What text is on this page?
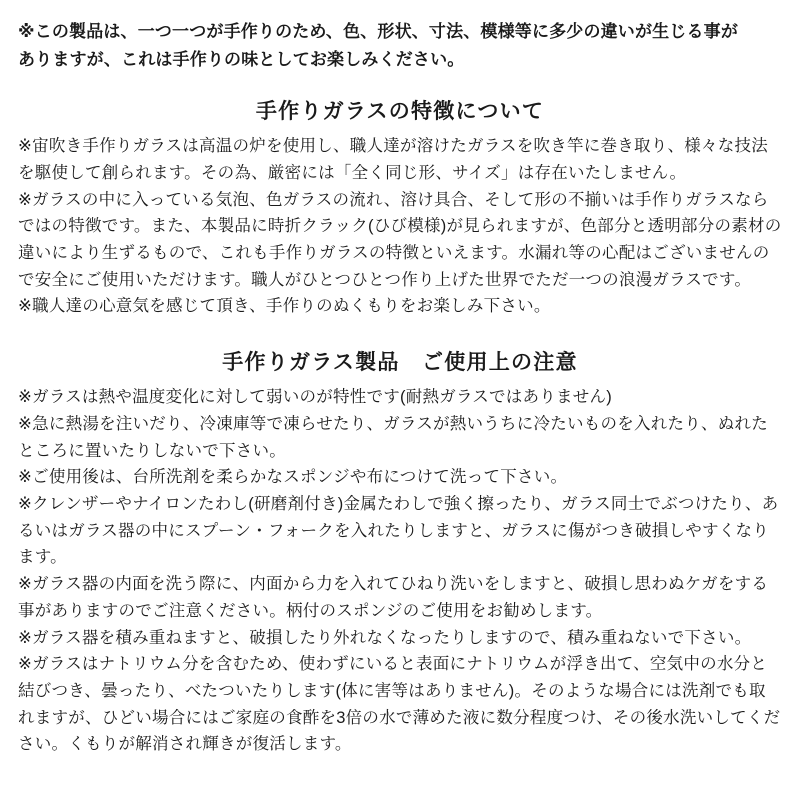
※この製品は、一つ一つが手作りのため、色、形状、寸法、模様等に多少の違いが生じる事が

ありますが、これは手作りの味としてお楽しみください。

手作りガラスの特徴について

※宙吹き手作りガラスは高温の炉を使用し、職人達が溶けたガラスを吹き竿に巻き取り、様々な技法を駆使して創られます。その為、厳密には「全く同じ形、サイズ」は存在いたしません。

※ガラスの中に入っている気泡、色ガラスの流れ、溶け具合、そして形の不揃いは手作りガラスならではの特徴です。また、本製品に時折クラック(ひび模様)が見られますが、色部分と透明部分の素材の違いにより生ずるもので、これも手作りガラスの特徴といえます。水漏れ等の心配はございませんので安全にご使用いただけます。職人がひとつひとつ作り上げた世界でただ一つの浪漫ガラスです。

※職人達の心意気を感じて頂き、手作りのぬくもりをお楽しみ下さい。

手作りガラス製品　ご使用上の注意

※ガラスは熱や温度変化に対して弱いのが特性です(耐熱ガラスではありません)

※急に熱湯を注いだり、冷凍庫等で凍らせたり、ガラスが熱いうちに冷たいものを入れたり、ぬれたところに置いたりしないで下さい。

※ご使用後は、台所洗剤を柔らかなスポンジや布につけて洗って下さい。

※クレンザーやナイロンたわし(研磨剤付き)金属たわしで強く擦ったり、ガラス同士でぶつけたり、あるいはガラス器の中にスプーン・フォークを入れたりしますと、ガラスに傷がつき破損しやすくなります。

※ガラス器の内面を洗う際に、内面から力を入れてひねり洗いをしますと、破損し思わぬケガをする事がありますのでご注意ください。柄付のスポンジのご使用をお勧めします。

※ガラス器を積み重ねますと、破損したり外れなくなったりしますので、積み重ねないで下さい。

※ガラスはナトリウム分を含むため、使わずにいると表面にナトリウムが浮き出て、空気中の水分と結びつき、曇ったり、べたついたりします(体に害等はありません)。そのような場合には洗剤でも取れますが、ひどい場合にはご家庭の食酢を3倍の水で薄めた液に数分程度つけ、その後水洗いしてください。くもりが解消され輝きが復活します。
